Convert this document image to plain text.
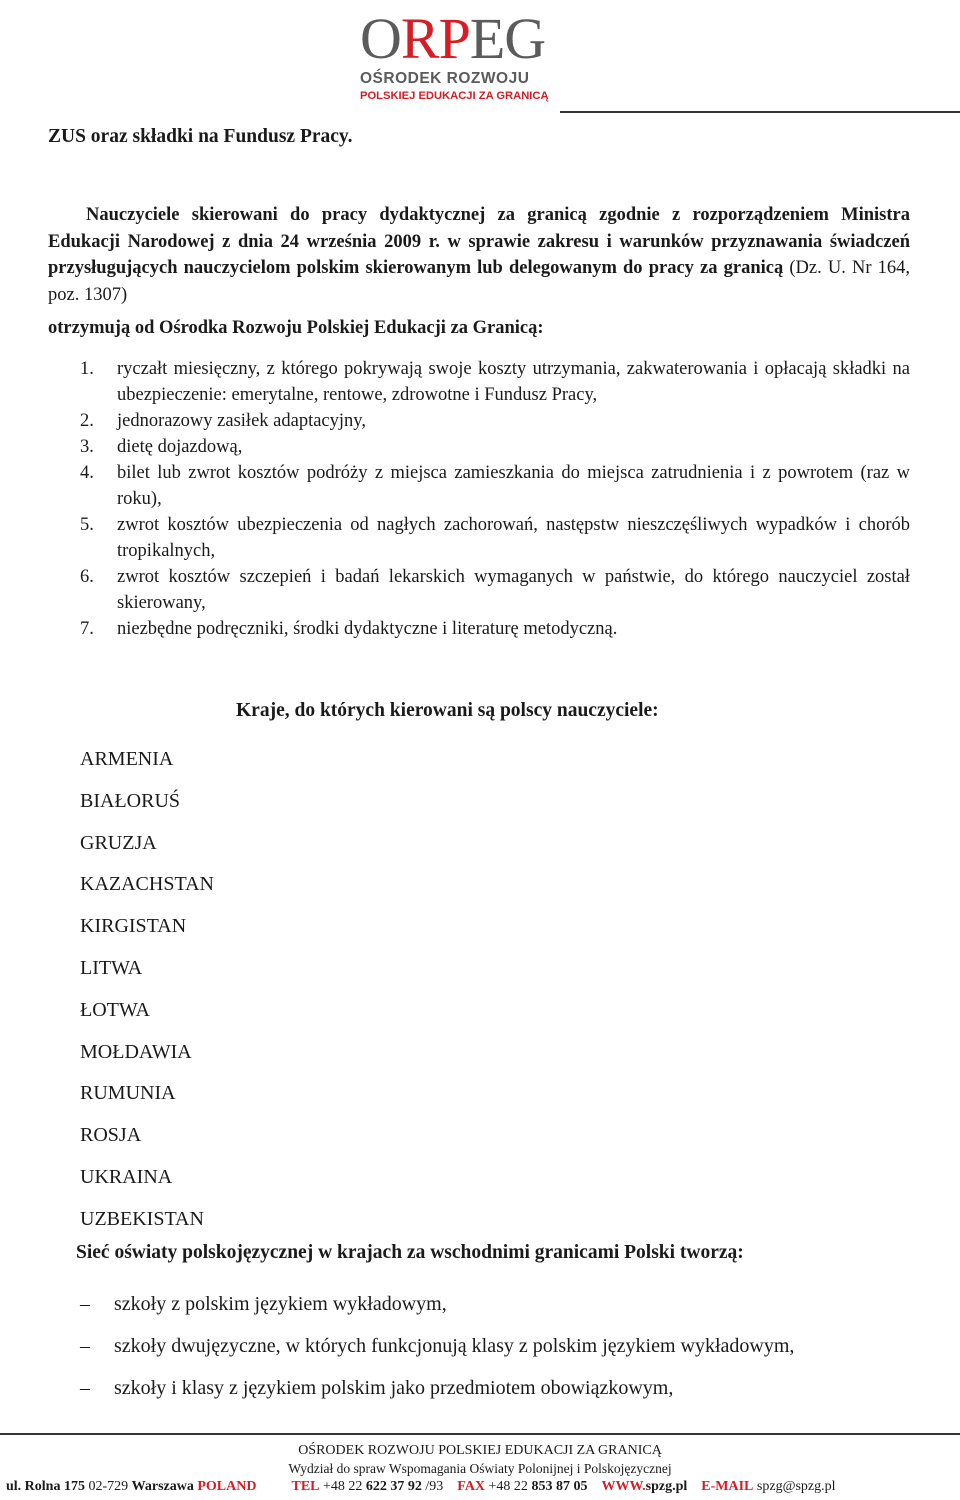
ORPEG
OŚRODEK ROZWOJU
POLSKIEJ EDUKACJI ZA GRANICĄ
ZUS oraz składki na Fundusz Pracy.
Nauczyciele skierowani do pracy dydaktycznej za granicą zgodnie z rozporządzeniem Ministra Edukacji Narodowej z dnia 24 września 2009 r. w sprawie zakresu i warunków przyznawania świadczeń przysługujących nauczycielom polskim skierowanym lub delegowanym do pracy za granicą (Dz. U. Nr 164, poz. 1307)
otrzymują od Ośrodka Rozwoju Polskiej Edukacji za Granicą:
1. ryczałt miesięczny, z którego pokrywają swoje koszty utrzymania, zakwaterowania i opłacają składki na ubezpieczenie: emerytalne, rentowe, zdrowotne i Fundusz Pracy,
2. jednorazowy zasiłek adaptacyjny,
3. dietę dojazdową,
4. bilet lub zwrot kosztów podróży z miejsca zamieszkania do miejsca zatrudnienia i z powrotem (raz w roku),
5. zwrot kosztów ubezpieczenia od nagłych zachorowań, następstw nieszczęśliwych wypadków i chorób tropikalnych,
6. zwrot kosztów szczepień i badań lekarskich wymaganych w państwie, do którego nauczyciel został skierowany,
7. niezbędne podręczniki, środki dydaktyczne i literaturę metodyczną.
Kraje, do których kierowani są polscy nauczyciele:
ARMENIA
BIAŁORUŚ
GRUZJA
KAZACHSTAN
KIRGISTAN
LITWA
ŁOTWA
MOŁDAWIA
RUMUNIA
ROSJA
UKRAINA
UZBEKISTAN
Sieć oświaty polskojęzycznej w krajach za wschodnimi granicami Polski tworzą:
– szkoły z polskim językiem wykładowym,
– szkoły dwujęzyczne, w których funkcjonują klasy z polskim językiem wykładowym,
– szkoły i klasy z językiem polskim jako przedmiotem obowiązkowym,
OŚRODEK ROZWOJU POLSKIEJ EDUKACJI ZA GRANICĄ
Wydział do spraw Wspomagania Oświaty Polonijnej i Polskojęzycznej
ul. Rolna 175 02-729 Warszawa POLAND	TEL +48 22 622 37 92 /93 FAX +48 22 853 87 05 WWW.spzg.pl E-MAIL spzg@spzg.pl
